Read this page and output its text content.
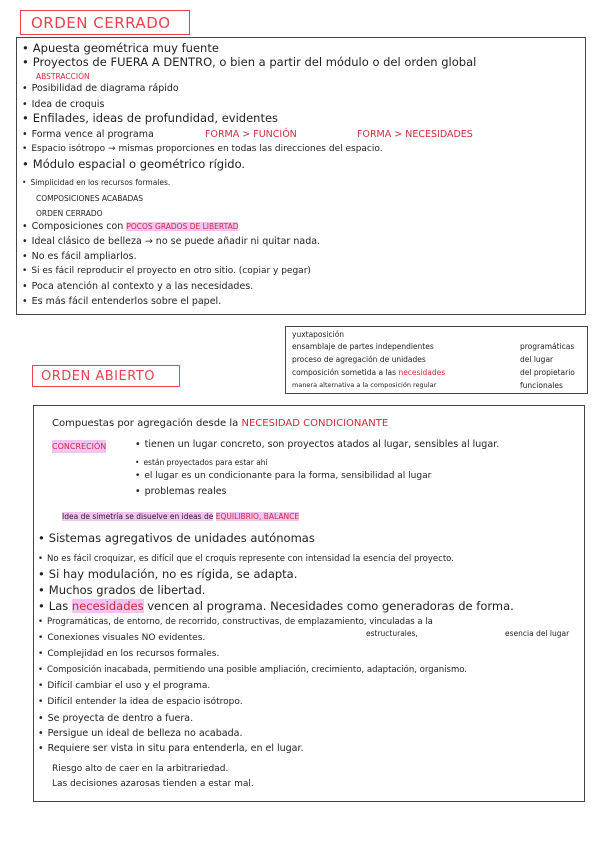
ORDEN CERRADO
• Apuesta geométrica muy fuente
• Proyectos de FUERA A DENTRO, o bien a partir del módulo o del orden global
ABSTRACCIÓN
• Posibilidad de diagrama rápido
• Idea de croquis
• Enfilades, ideas de profundidad, evidentes
• Forma vence al programa	FORMA > FUNCIÓN	FORMA > NECESIDADES
• Espacio isótropo → mismas proporciones en todas las direcciones del espacio.
• Módulo espacial o geométrico rígido.
• Simplicidad en los recursos formales.
COMPOSICIONES ACABADAS
ORDEN CERRADO
• Composiciones con POCOS GRADOS DE LIBERTAD
• Ideal clásico de belleza → no se puede añadir ni quitar nada.
• No es fácil ampliarlos.
• Si es fácil reproducir el proyecto en otro sitio. (copiar y pegar)
• Poca atención al contexto y a las necesidades.
• Es más fácil entenderlos sobre el papel.
yuxtaposición
ensamblaje de partes independientes
proceso de agregación de unidades
composición sometida a las necesidades
manera alternativa a la composición regular
programáticas
del lugar
del propietario
funcionales
ORDEN ABIERTO
Compuestas por agregación desde la NECESIDAD CONDICIONANTE
CONCRECIÓN
•	tienen un lugar concreto, son proyectos atados al lugar, sensibles al lugar.
• están proyectados para estar ahí
• el lugar es un condicionante para la forma, sensibilidad al lugar
• problemas reales
Idea de simetría se disuelve en ideas de EQUILIBRIO, BALANCE
• Sistemas agregativos de unidades autónomas
• No es fácil croquizar, es difícil que el croquis represente con intensidad la esencia del proyecto.
• Si hay modulación, no es rígida, se adapta.
• Muchos grados de libertad.
• Las necesidades vencen al programa. Necesidades como generadoras de forma.
• Programáticas, de entorno, de recorrido, constructivas, de emplazamiento, vinculadas a la
estructurales,	esencia del lugar
• Conexiones visuales NO evidentes.
• Complejidad en los recursos formales.
• Composición inacabada, permitiendo una posible ampliación, crecimiento, adaptación, organismo.
• Difícil cambiar el uso y el programa.
• Difícil entender la idea de espacio isótropo.
• Se proyecta de dentro a fuera.
• Persigue un ideal de belleza no acabada.
• Requiere ser vista in situ para entenderla, en el lugar.
Riesgo alto de caer en la arbitrariedad.
Las decisiones azarosas tienden a estar mal.
